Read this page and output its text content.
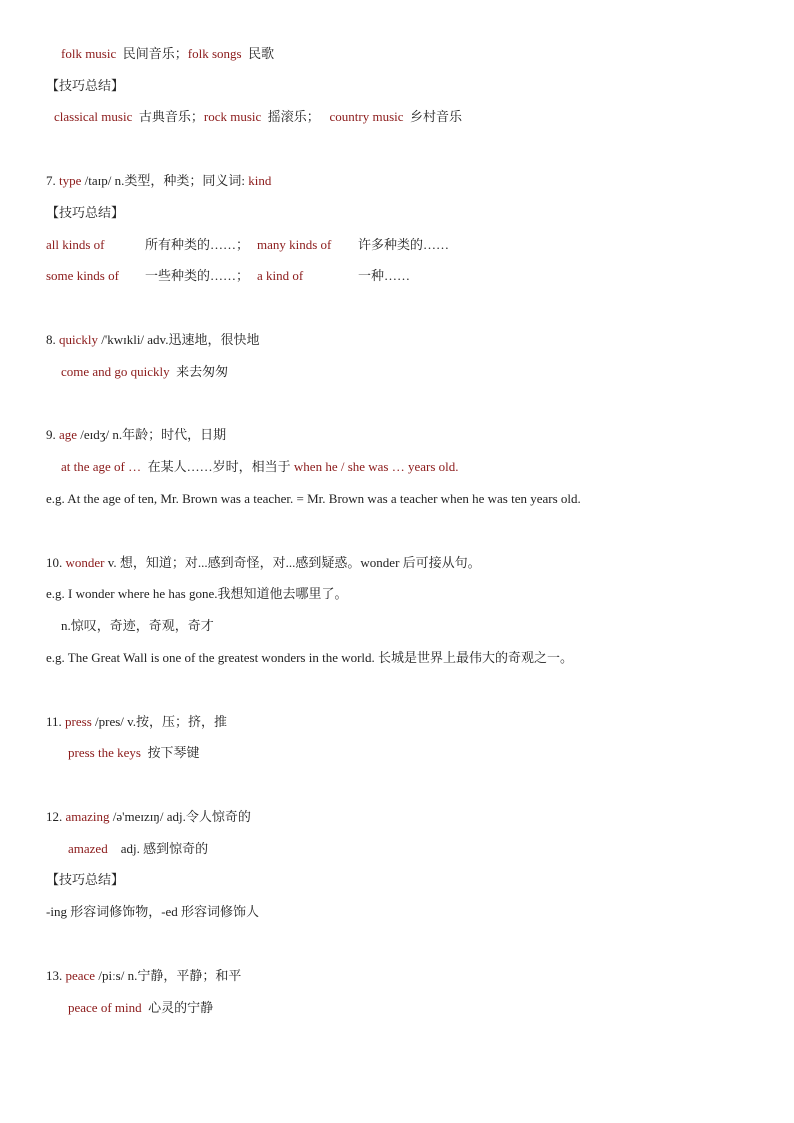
folk music 民间音乐；folk songs 民歌
【技巧总结】
classical music 古典音乐；rock music 摇滚乐； country music 乡村音乐
7. type /taɪp/ n.类型，种类；同义词: kind
【技巧总结】
all kinds of	所有种类的……； many kinds of 许多种类的……
some kinds of 一些种类的……； a kind of	一种……
8. quickly /'kwɪkli/ adv.迅速地，很快地
come and go quickly 来去匆匆
9. age /eɪdʒ/ n.年龄；时代，日期
at the age of … 在某人……岁时，相当于 when he / she was … years old.
e.g. At the age of ten, Mr. Brown was a teacher. = Mr. Brown was a teacher when he was ten years old.
10. wonder v. 想，知道；对...感到奇怪，对...感到疑惑。wonder 后可接从句。
e.g. I wonder where he has gone.我想知道他去哪里了。
n.惊叹，奇迹，奇观，奇才
e.g. The Great Wall is one of the greatest wonders in the world. 长城是世界上最伟大的奇观之一。
11. press /pres/ v.按，压；挤，推
press the keys 按下琴键
12. amazing /ə'meɪzɪŋ/ adj.令人惊奇的
amazed adj. 感到惊奇的
【技巧总结】
-ing 形容词修饰物，-ed 形容词修饰人
13. peace /piːs/ n.宁静，平静；和平
peace of mind 心灵的宁静
